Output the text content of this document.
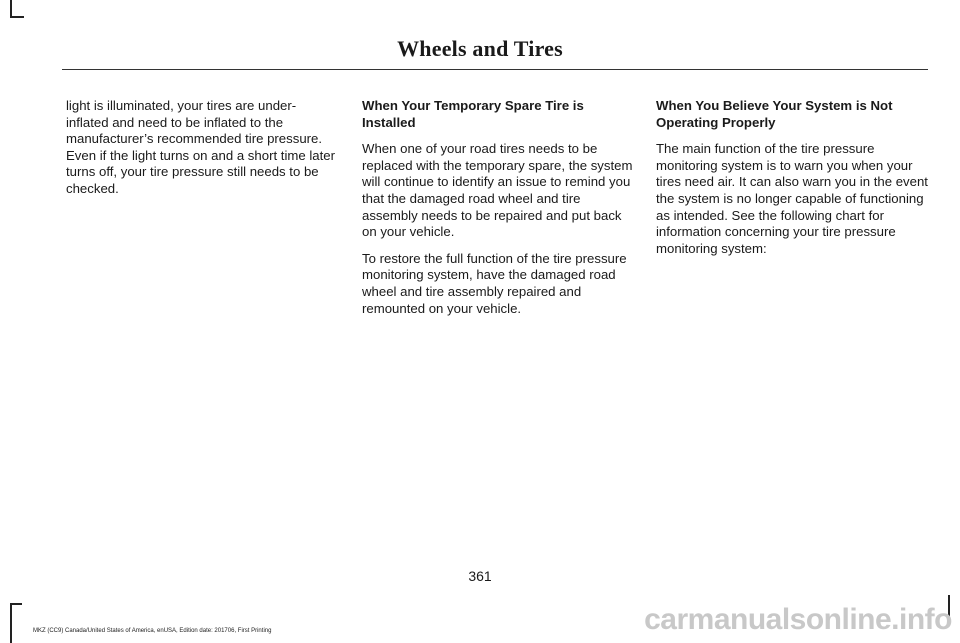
Wheels and Tires

light is illuminated, your tires are under-inflated and need to be inflated to the manufacturer’s recommended tire pressure. Even if the light turns on and a short time later turns off, your tire pressure still needs to be checked.

When Your Temporary Spare Tire is Installed

When one of your road tires needs to be replaced with the temporary spare, the system will continue to identify an issue to remind you that the damaged road wheel and tire assembly needs to be repaired and put back on your vehicle.

To restore the full function of the tire pressure monitoring system, have the damaged road wheel and tire assembly repaired and remounted on your vehicle.

When You Believe Your System is Not Operating Properly

The main function of the tire pressure monitoring system is to warn you when your tires need air. It can also warn you in the event the system is no longer capable of functioning as intended. See the following chart for information concerning your tire pressure monitoring system:

361
MKZ (CC9) Canada/United States of America, enUSA, Edition date: 201706, First Printing	carmanualsonline.info
